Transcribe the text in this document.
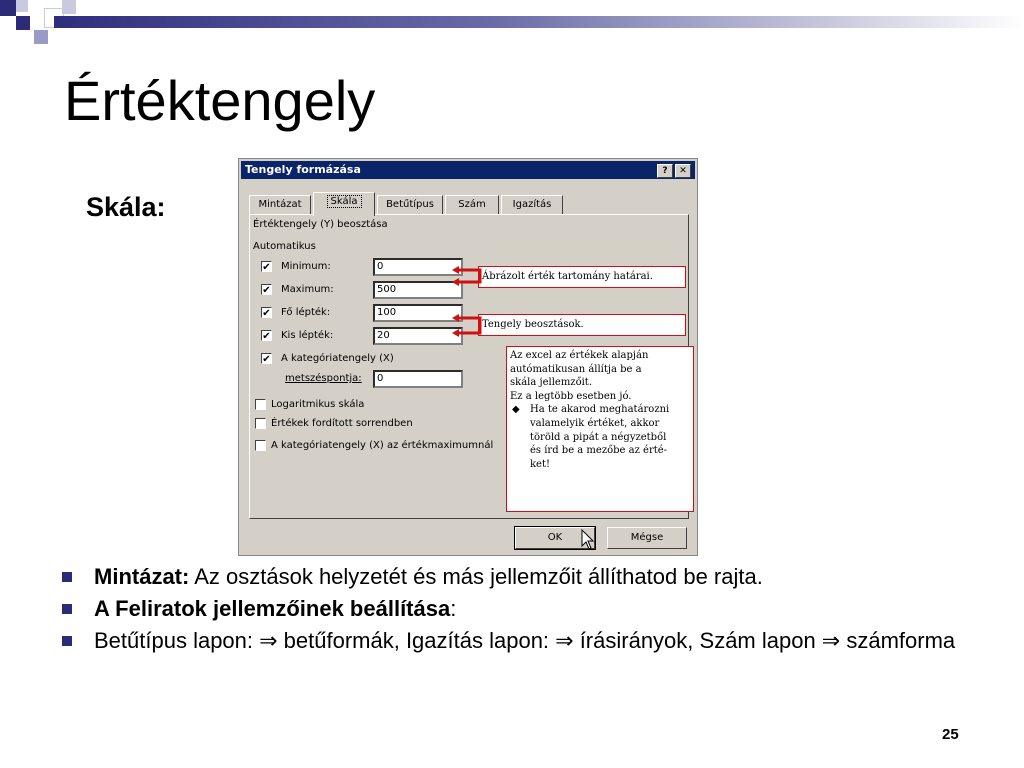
Értéktengely
Skála:
Tengely formázása	?	✕
Mintázat	Skála	Betűtípus	Szám	Igazítás
Értéktengely (Y) beosztása
Automatikus
✔ Minimum:	0
✔ Maximum:	500
✔ Fő lépték:	100
✔ Kis lépték:	20
✔ A kategóriatengely (X)
metszéspontja:	0
Logaritmikus skála
Értékek fordított sorrendben
A kategóriatengely (X) az értékmaximumnál
OK	Mégse
Ábrázolt érték tartomány határai.
Tengely beosztások.
Az excel az értékek alapján
autómatikusan állítja be a
skála jellemzőit.
Ez a legtöbb esetben jó.
◆ Ha te akarod meghatározni
valamelyik értéket, akkor
töröld a pipát a négyzetből
és írd be a mezőbe az érté-
ket!
Mintázat: Az osztások helyzetét és más jellemzőit állíthatod be rajta.
A Feliratok jellemzőinek beállítása:
Betűtípus lapon: ⇒ betűformák, Igazítás lapon: ⇒ írásirányok, Szám lapon ⇒ számforma
25
